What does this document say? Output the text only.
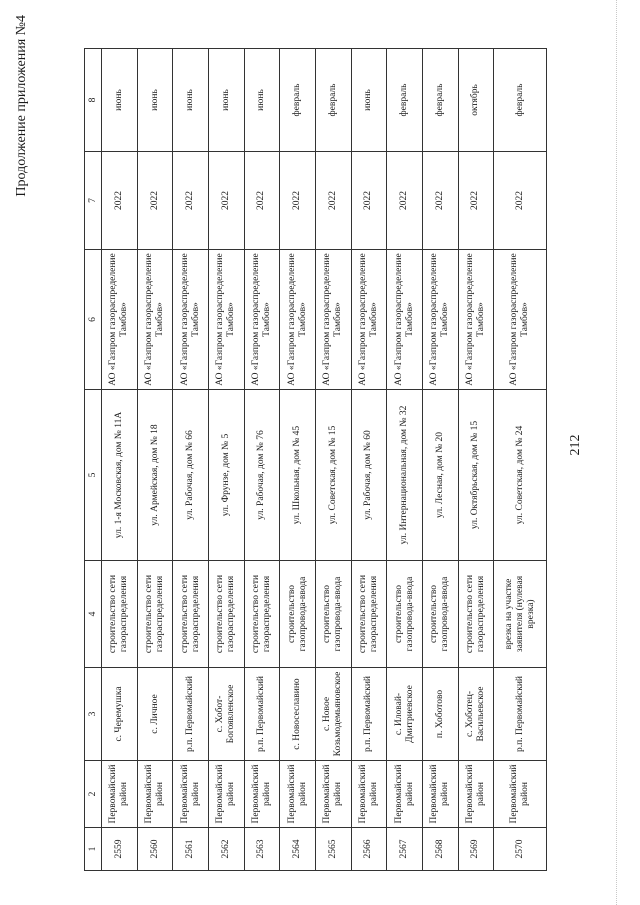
212
Продолжение приложения №4
1	2	3	4	5	6	7	8
2559	Первомайский район	с. Черемушка	строительство сети газораспределения	ул. 1-я Московская, дом № 11А	АО «Газпром газораспределение Тамбов»	2022	июнь
2560	Первомайский район	с. Личное	строительство сети газораспределения	ул. Армейская, дом № 18	АО «Газпром газораспределение Тамбов»	2022	июнь
2561	Первомайский район	р.п. Первомайский	строительство сети газораспределения	ул. Рабочая, дом № 66	АО «Газпром газораспределение Тамбов»	2022	июнь
2562	Первомайский район	с. Хобот-Богоявленское	строительство сети газораспределения	ул. Фрунзе, дом № 5	АО «Газпром газораспределение Тамбов»	2022	июнь
2563	Первомайский район	р.п. Первомайский	строительство сети газораспределения	ул. Рабочая, дом № 76	АО «Газпром газораспределение Тамбов»	2022	июнь
2564	Первомайский район	с. Новосеславино	строительство газопровода-ввода	ул. Школьная, дом № 45	АО «Газпром газораспределение Тамбов»	2022	февраль
2565	Первомайский район	с. Новое Козьмодемьяновское	строительство газопровода-ввода	ул. Советская, дом № 15	АО «Газпром газораспределение Тамбов»	2022	февраль
2566	Первомайский район	р.п. Первомайский	строительство сети газораспределения	ул. Рабочая, дом № 60	АО «Газпром газораспределение Тамбов»	2022	июнь
2567	Первомайский район	с. Иловай-Дмитриевское	строительство газопровода-ввода	ул. Интернациональная, дом № 32	АО «Газпром газораспределение Тамбов»	2022	февраль
2568	Первомайский район	п. Хоботово	строительство газопровода-ввода	ул. Лесная, дом № 20	АО «Газпром газораспределение Тамбов»	2022	февраль
2569	Первомайский район	с. Хоботец-Васильевское	строительство сети газораспределения	ул. Октябрьская, дом № 15	АО «Газпром газораспределение Тамбов»	2022	октябрь
2570	Первомайский район	р.п. Первомайский	врезка на участке заявителя (нулевая врезка)	ул. Советская, дом № 24	АО «Газпром газораспределение Тамбов»	2022	февраль
